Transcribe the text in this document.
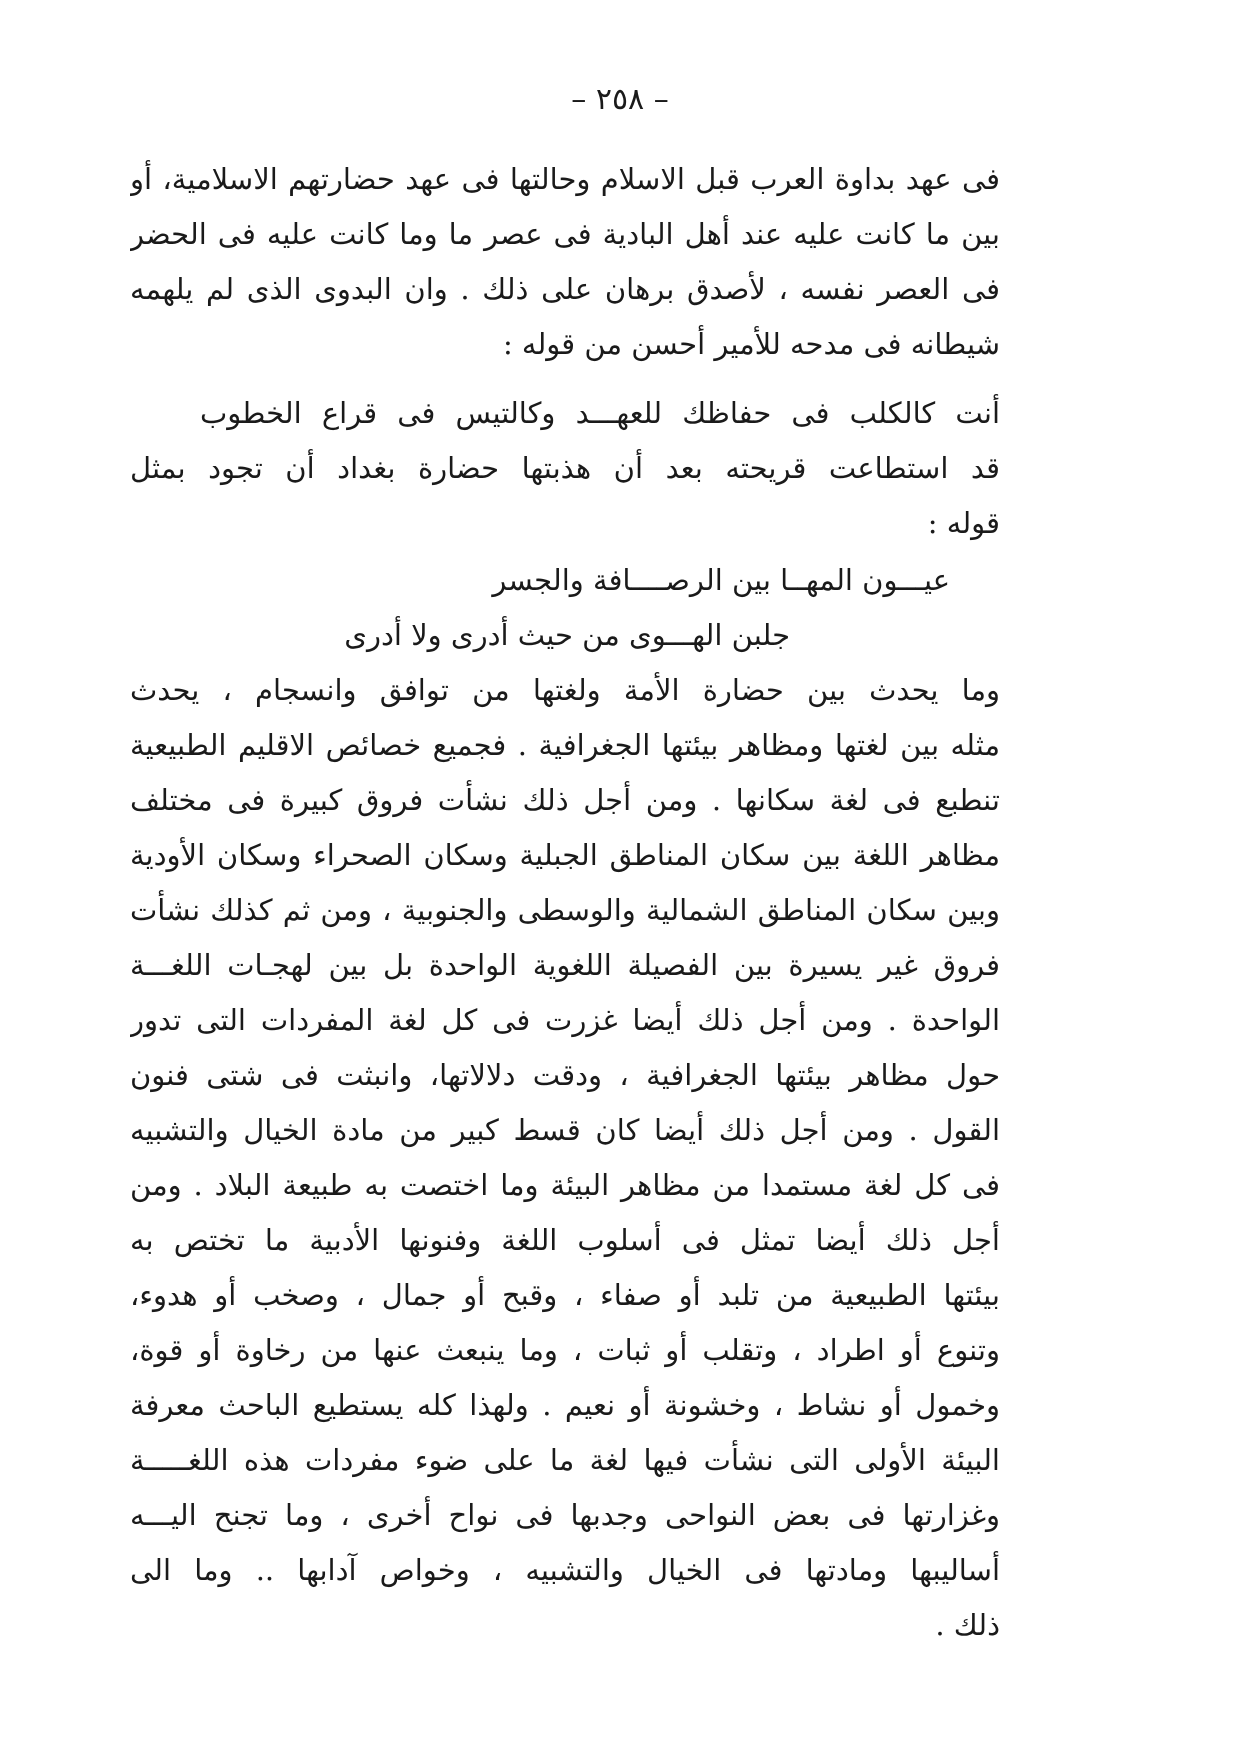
– ٢٥٨ –
فى عهد بداوة العرب قبل الاسلام وحالتها فى عهد حضارتهم الاسلامية، أو
بين ما كانت عليه عند أهل البادية فى عصر ما وما كانت عليه فى الحضر
فى العصر نفسه ، لأصدق برهان على ذلك . وان البدوى الذى لم يلهمه
شيطانه فى مدحه للأمير أحسن من قوله :
أنت كالكلب فى حفاظك للعهـــد وكالتيس فى قراع الخطوب
قد استطاعت قريحته بعد أن هذبتها حضارة بغداد أن تجود بمثل
قوله :
عيـــون المهــا بين الرصــــافة والجسر
جلبن الهـــوى من حيث أدرى ولا أدرى
وما يحدث بين حضارة الأمة ولغتها من توافق وانسجام ، يحدث
مثله بين لغتها ومظاهر بيئتها الجغرافية . فجميع خصائص الاقليم الطبيعية
تنطبع فى لغة سكانها . ومن أجل ذلك نشأت فروق كبيرة فى مختلف
مظاهر اللغة بين سكان المناطق الجبلية وسكان الصحراء وسكان الأودية
وبين سكان المناطق الشمالية والوسطى والجنوبية ، ومن ثم كذلك نشأت
فروق غير يسيرة بين الفصيلة اللغوية الواحدة بل بين لهجـات اللغـــة
الواحدة . ومن أجل ذلك أيضا غزرت فى كل لغة المفردات التى تدور
حول مظاهر بيئتها الجغرافية ، ودقت دلالاتها، وانبثت فى شتى فنون
القول . ومن أجل ذلك أيضا كان قسط كبير من مادة الخيال والتشبيه
فى كل لغة مستمدا من مظاهر البيئة وما اختصت به طبيعة البلاد . ومن
أجل ذلك أيضا تمثل فى أسلوب اللغة وفنونها الأدبية ما تختص به
بيئتها الطبيعية من تلبد أو صفاء ، وقبح أو جمال ، وصخب أو هدوء،
وتنوع أو اطراد ، وتقلب أو ثبات ، وما ينبعث عنها من رخاوة أو قوة،
وخمول أو نشاط ، وخشونة أو نعيم . ولهذا كله يستطيع الباحث معرفة
البيئة الأولى التى نشأت فيها لغة ما على ضوء مفردات هذه اللغـــــة
وغزارتها فى بعض النواحى وجدبها فى نواح أخرى ، وما تجنح اليـــه
أساليبها ومادتها فى الخيال والتشبيه ، وخواص آدابها .. وما الى
ذلك .
